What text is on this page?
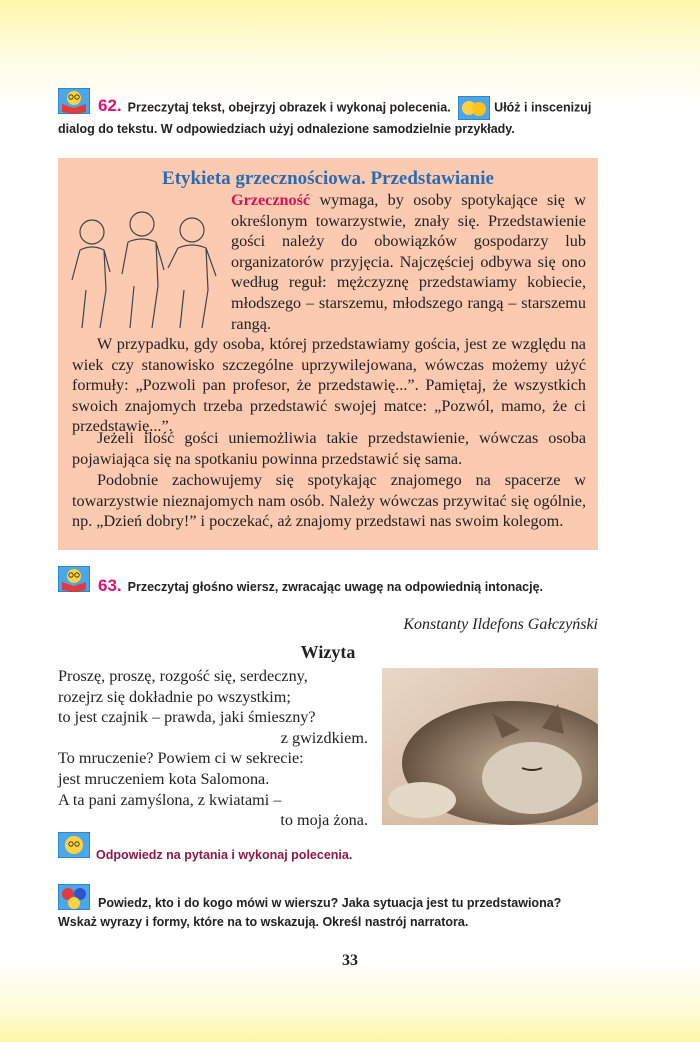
62. Przeczytaj tekst, obejrzyj obrazek i wykonaj polecenia.	Ułóż i inscenizuj dialog do tekstu. W odpowiedziach użyj odnalezione samodzielnie przykłady.
Etykieta grzecznościowa. Przedstawianie
Grzeczność wymaga, by osoby spotykające się w określonym towarzystwie, znały się. Przedstawienie gości należy do obowiązków gospodarzy lub organizatorów przyjęcia. Najczęściej odbywa się ono według reguł: mężczyznę przedstawiamy kobiecie, młodszego – starszemu, młodszego rangą – starszemu rangą.
W przypadku, gdy osoba, której przedstawiamy gościa, jest ze względu na wiek czy stanowisko szczególne uprzywilejowana, wówczas możemy użyć formuły: „Pozwoli pan profesor, że przedstawię...”. Pamiętaj, że wszystkich swoich znajomych trzeba przedstawić swojej matce: „Pozwól, mamo, że ci przedstawię...”.
Jeżeli ilość gości uniemożliwia takie przedstawienie, wówczas osoba pojawiająca się na spotkaniu powinna przedstawić się sama.
Podobnie zachowujemy się spotykając znajomego na spacerze w towarzystwie nieznajomych nam osób. Należy wówczas przywitać się ogólnie, np. „Dzień dobry!” i poczekać, aż znajomy przedstawi nas swoim kolegom.
63. Przeczytaj głośno wiersz, zwracając uwagę na odpowiednią intonację.
Konstanty Ildefons Gałczyński
Wizyta
Proszę, proszę, rozgość się, serdeczny,
rozejrz się dokładnie po wszystkim;
to jest czajnik – prawda, jaki śmieszny?
z gwizdkiem.
To mruczenie? Powiem ci w sekrecie:
jest mruczeniem kota Salomona.
A ta pani zamyślona, z kwiatami –
to moja żona.
Odpowiedz na pytania i wykonaj polecenia.
Powiedz, kto i do kogo mówi w wierszu? Jaka sytuacja jest tu przedstawiona? Wskaż wyrazy i formy, które na to wskazują. Określ nastrój narratora.
33
